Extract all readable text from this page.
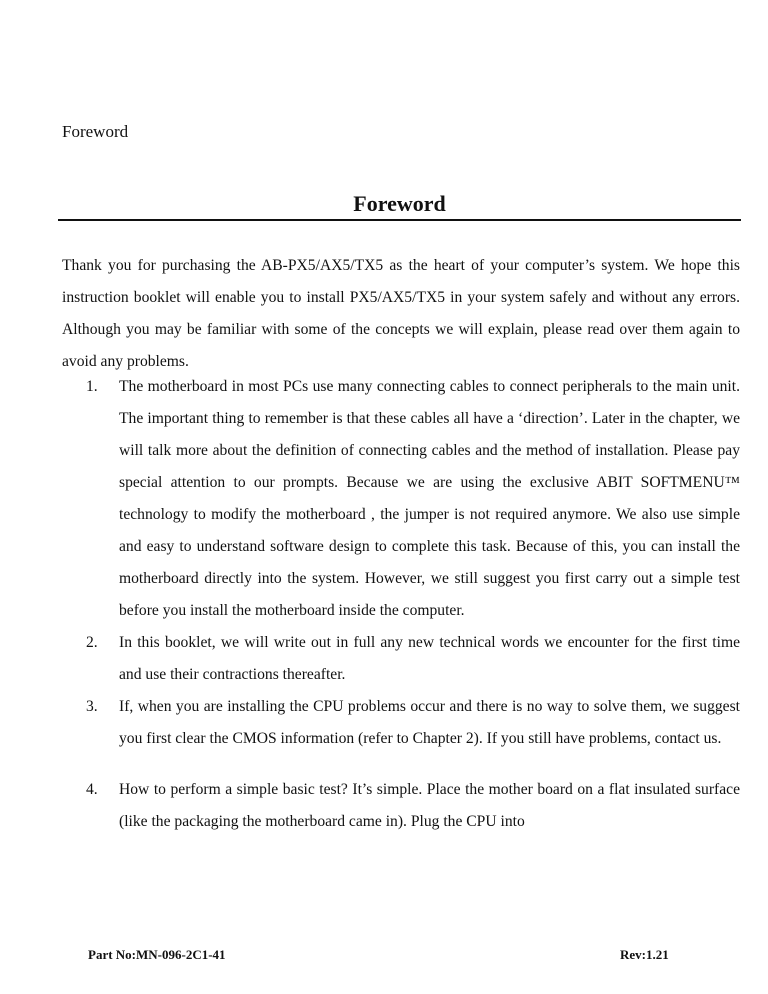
Foreword
Foreword

Thank you for purchasing the AB-PX5/AX5/TX5 as the heart of your computer’s system. We hope this instruction booklet will enable you to install PX5/AX5/TX5 in your system safely and without any errors. Although you may be familiar with some of the concepts we will explain, please read over them again to avoid any problems.

1. The motherboard in most PCs use many connecting cables to connect peripherals to the main unit. The important thing to remember is that these cables all have a ‘direction’. Later in the chapter, we will talk more about the definition of connecting cables and the method of installation. Please pay special attention to our prompts. Because we are using the exclusive ABIT SOFTMENU™ technology to modify the motherboard , the jumper is not required anymore. We also use simple and easy to understand software design to complete this task. Because of this, you can install the motherboard directly into the system. However, we still suggest you first carry out a simple test before you install the motherboard inside the computer.
2. In this booklet, we will write out in full any new technical words we encounter for the first time and use their contractions thereafter.
3. If, when you are installing the CPU problems occur and there is no way to solve them, we suggest you first clear the CMOS information (refer to Chapter 2). If you still have problems, contact us.
4. How to perform a simple basic test? It’s simple. Place the mother board on a flat insulated surface (like the packaging the motherboard came in). Plug the CPU into
Part No:MN-096-2C1-41	Rev:1.21
